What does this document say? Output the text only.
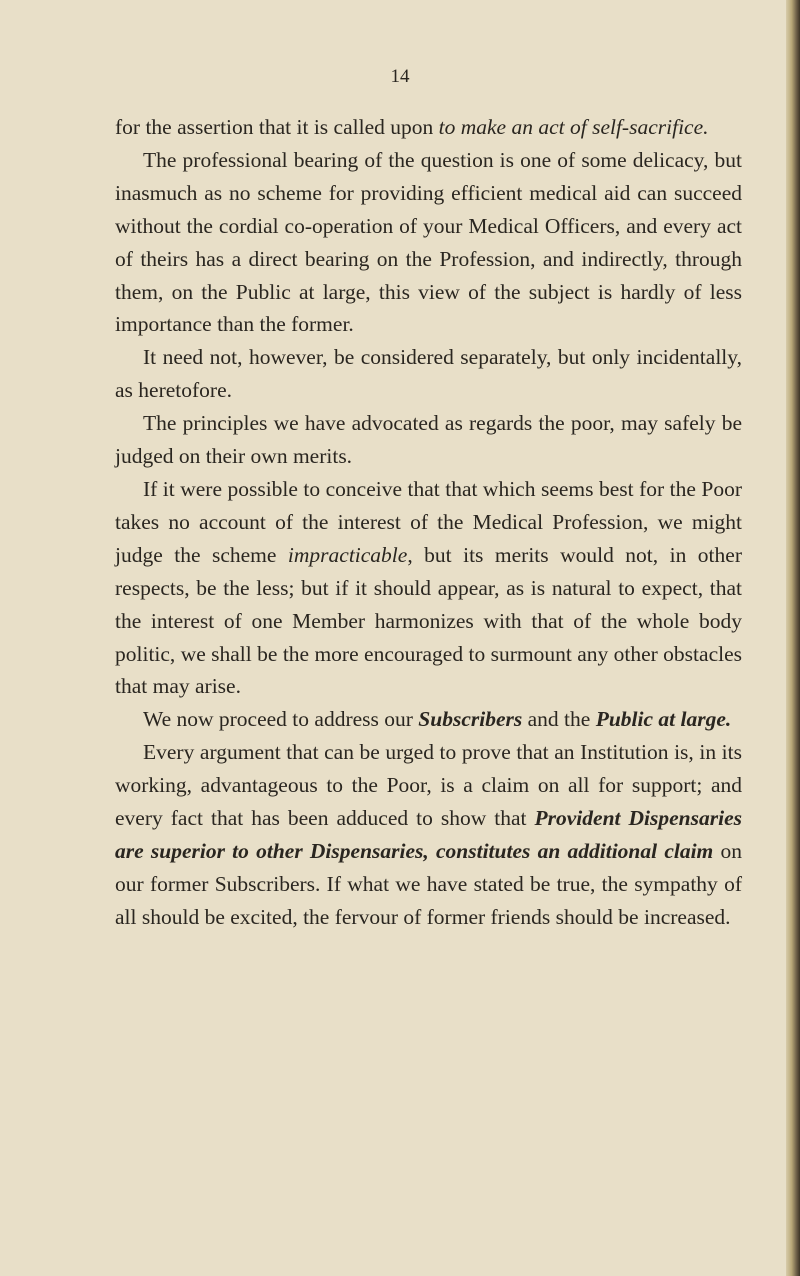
14

for the assertion that it is called upon to make an act of self-sacrifice.

The professional bearing of the question is one of some delicacy, but inasmuch as no scheme for providing efficient medical aid can succeed without the cordial co-operation of your Medical Officers, and every act of theirs has a direct bearing on the Profession, and indirectly, through them, on the Public at large, this view of the subject is hardly of less importance than the former.

It need not, however, be considered separately, but only incidentally, as heretofore.

The principles we have advocated as regards the poor, may safely be judged on their own merits.

If it were possible to conceive that that which seems best for the Poor takes no account of the interest of the Medical Profession, we might judge the scheme impracticable, but its merits would not, in other respects, be the less; but if it should appear, as is natural to expect, that the interest of one Member harmonizes with that of the whole body politic, we shall be the more encouraged to surmount any other obstacles that may arise.

We now proceed to address our Subscribers and the Public at large.

Every argument that can be urged to prove that an Institution is, in its working, advantageous to the Poor, is a claim on all for support; and every fact that has been adduced to show that Provident Dispensaries are superior to other Dispensaries, constitutes an additional claim on our former Subscribers. If what we have stated be true, the sympathy of all should be excited, the fervour of former friends should be increased.
